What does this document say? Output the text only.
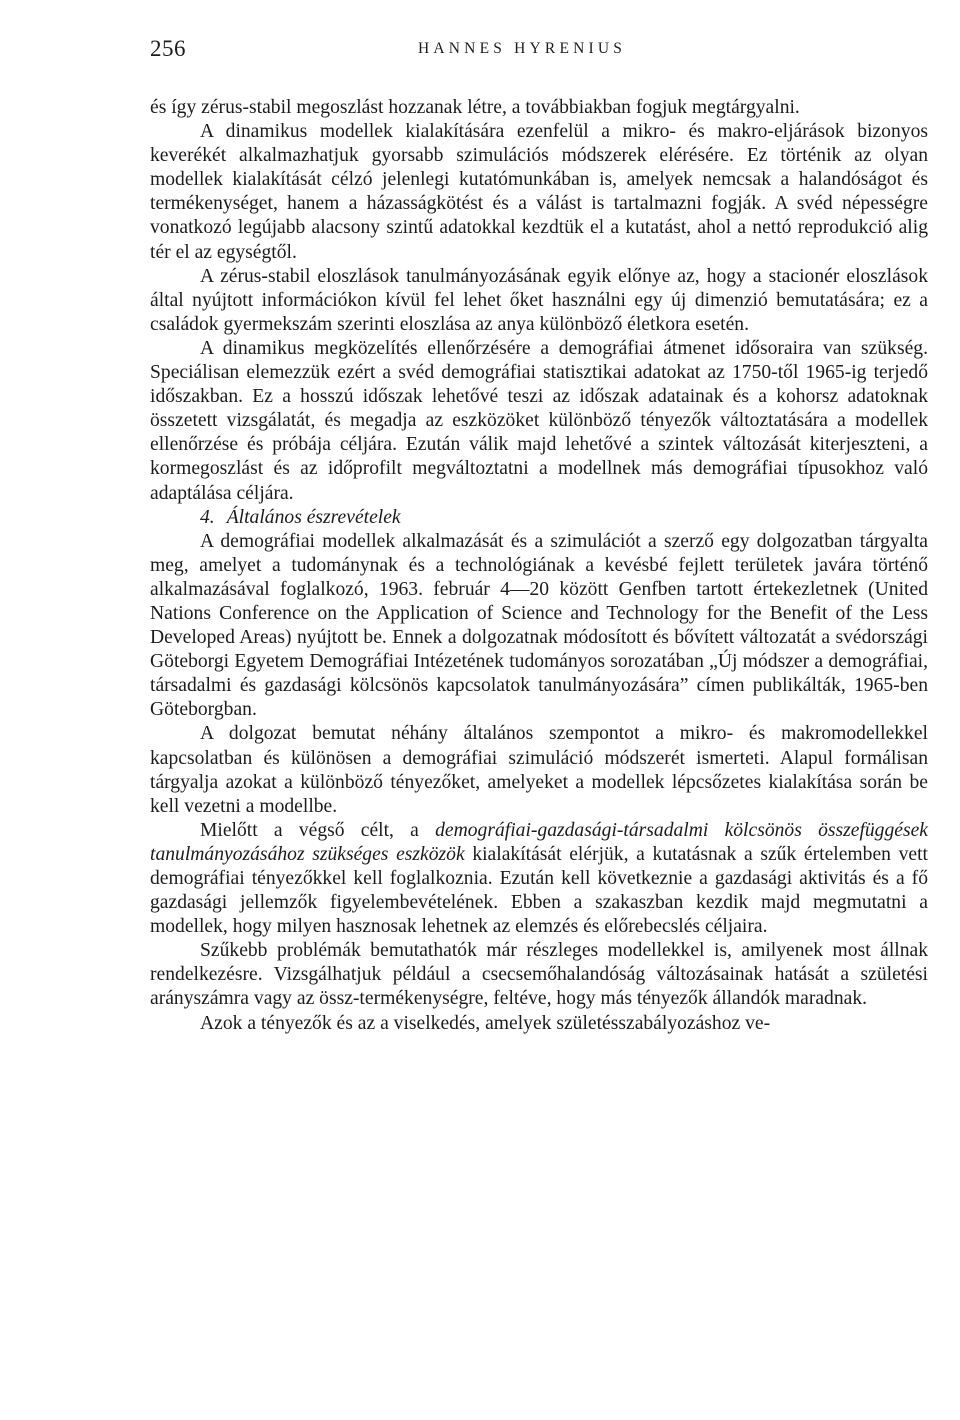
256	HANNES HYRENIUS

és így zérus-stabil megoszlást hozzanak létre, a továbbiakban fogjuk megtárgyalni.

A dinamikus modellek kialakítására ezenfelül a mikro- és makro-eljárások bizonyos keverékét alkalmazhatjuk gyorsabb szimulációs módszerek elérésére. Ez történik az olyan modellek kialakítását célzó jelenlegi kutatómunkában is, amelyek nemcsak a halandóságot és termékenységet, hanem a házasságkötést és a válást is tartalmazni fogják. A svéd népességre vonatkozó legújabb alacsony szintű adatokkal kezdtük el a kutatást, ahol a nettó reprodukció alig tér el az egységtől.

A zérus-stabil eloszlások tanulmányozásának egyik előnye az, hogy a stacionér eloszlások által nyújtott információkon kívül fel lehet őket használni egy új dimenzió bemutatására; ez a családok gyermekszám szerinti eloszlása az anya különböző életkora esetén.

A dinamikus megközelítés ellenőrzésére a demográfiai átmenet idősoraira van szükség. Speciálisan elemezzük ezért a svéd demográfiai statisztikai adatokat az 1750-től 1965-ig terjedő időszakban. Ez a hosszú időszak lehetővé teszi az időszak adatainak és a kohorsz adatoknak összetett vizsgálatát, és megadja az eszközöket különböző tényezők változtatására a modellek ellenőrzése és próbája céljára. Ezután válik majd lehetővé a szintek változását kiterjeszteni, a kormegoszlást és az időprofilt megváltoztatni a modellnek más demográfiai típusokhoz való adaptálása céljára.

4. Általános észrevételek

A demográfiai modellek alkalmazását és a szimulációt a szerző egy dolgozatban tárgyalta meg, amelyet a tudománynak és a technológiának a kevésbé fejlett területek javára történő alkalmazásával foglalkozó, 1963. február 4—20 között Genfben tartott értekezletnek (United Nations Conference on the Application of Science and Technology for the Benefit of the Less Developed Areas) nyújtott be. Ennek a dolgozatnak módosított és bővített változatát a svédországi Göteborgi Egyetem Demográfiai Intézetének tudományos sorozatában „Új módszer a demográfiai, társadalmi és gazdasági kölcsönös kapcsolatok tanulmányozására” címen publikálták, 1965-ben Göteborgban.

A dolgozat bemutat néhány általános szempontot a mikro- és makromodellekkel kapcsolatban és különösen a demográfiai szimuláció módszerét ismerteti. Alapul formálisan tárgyalja azokat a különböző tényezőket, amelyeket a modellek lépcsőzetes kialakítása során be kell vezetni a modellbe.

Mielőtt a végső célt, a demográfiai-gazdasági-társadalmi kölcsönös összefüggések tanulmányozásához szükséges eszközök kialakítását elérjük, a kutatásnak a szűk értelemben vett demográfiai tényezőkkel kell foglalkoznia. Ezután kell következnie a gazdasági aktivitás és a fő gazdasági jellemzők figyelembevételének. Ebben a szakaszban kezdik majd megmutatni a modellek, hogy milyen hasznosak lehetnek az elemzés és előrebecslés céljaira.

Szűkebb problémák bemutathatók már részleges modellekkel is, amilyenek most állnak rendelkezésre. Vizsgálhatjuk például a csecsemőhalandóság változásainak hatását a születési arányszámra vagy az össz-termékenységre, feltéve, hogy más tényezők állandók maradnak.

Azok a tényezők és az a viselkedés, amelyek születésszabályozáshoz ve-
